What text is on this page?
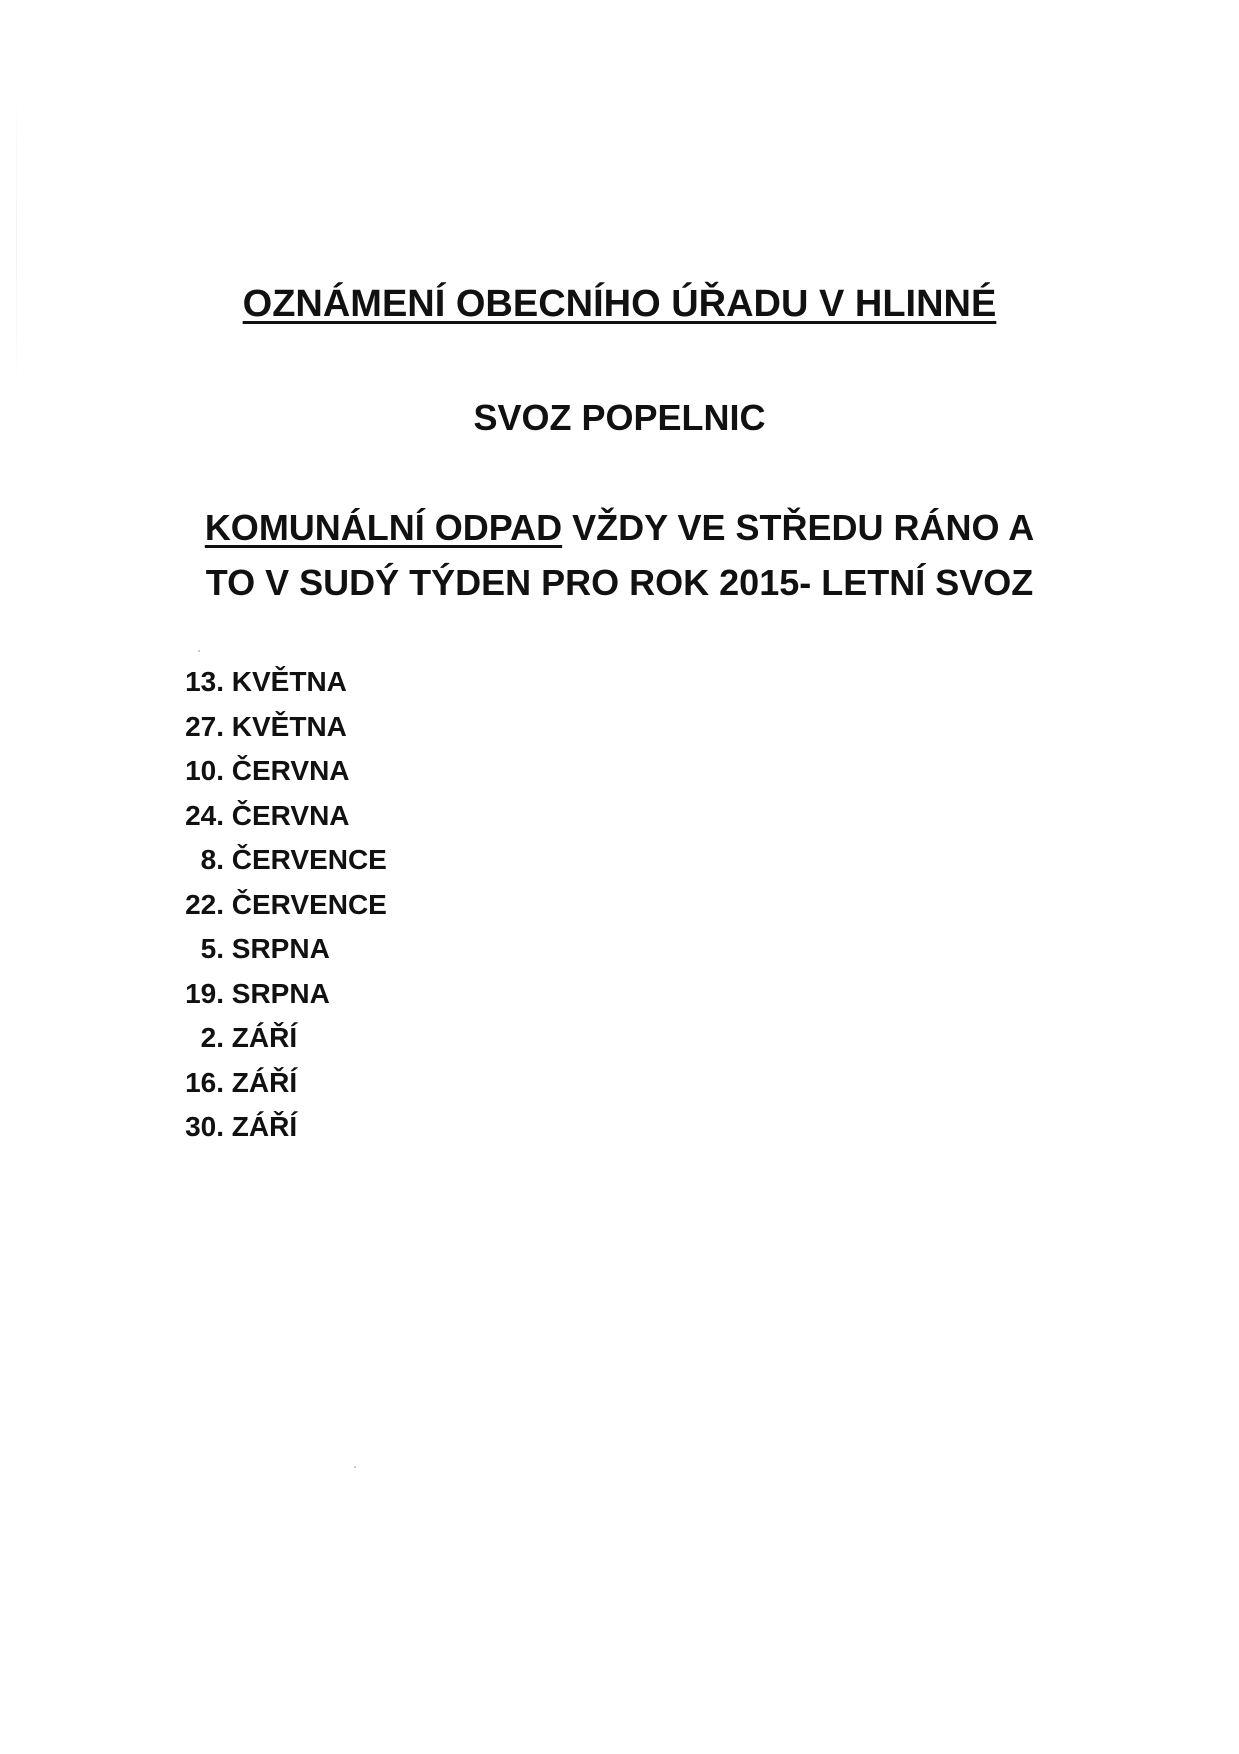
OZNÁMENÍ OBECNÍHO ÚŘADU V HLINNÉ
SVOZ POPELNIC
KOMUNÁLNÍ ODPAD VŽDY VE STŘEDU RÁNO A
TO V SUDÝ TÝDEN PRO ROK 2015- LETNÍ SVOZ
13. KVĚTNA
27. KVĚTNA
10. ČERVNA
24. ČERVNA
8. ČERVENCE
22. ČERVENCE
5. SRPNA
19. SRPNA
2. ZÁŘÍ
16. ZÁŘÍ
30. ZÁŘÍ
